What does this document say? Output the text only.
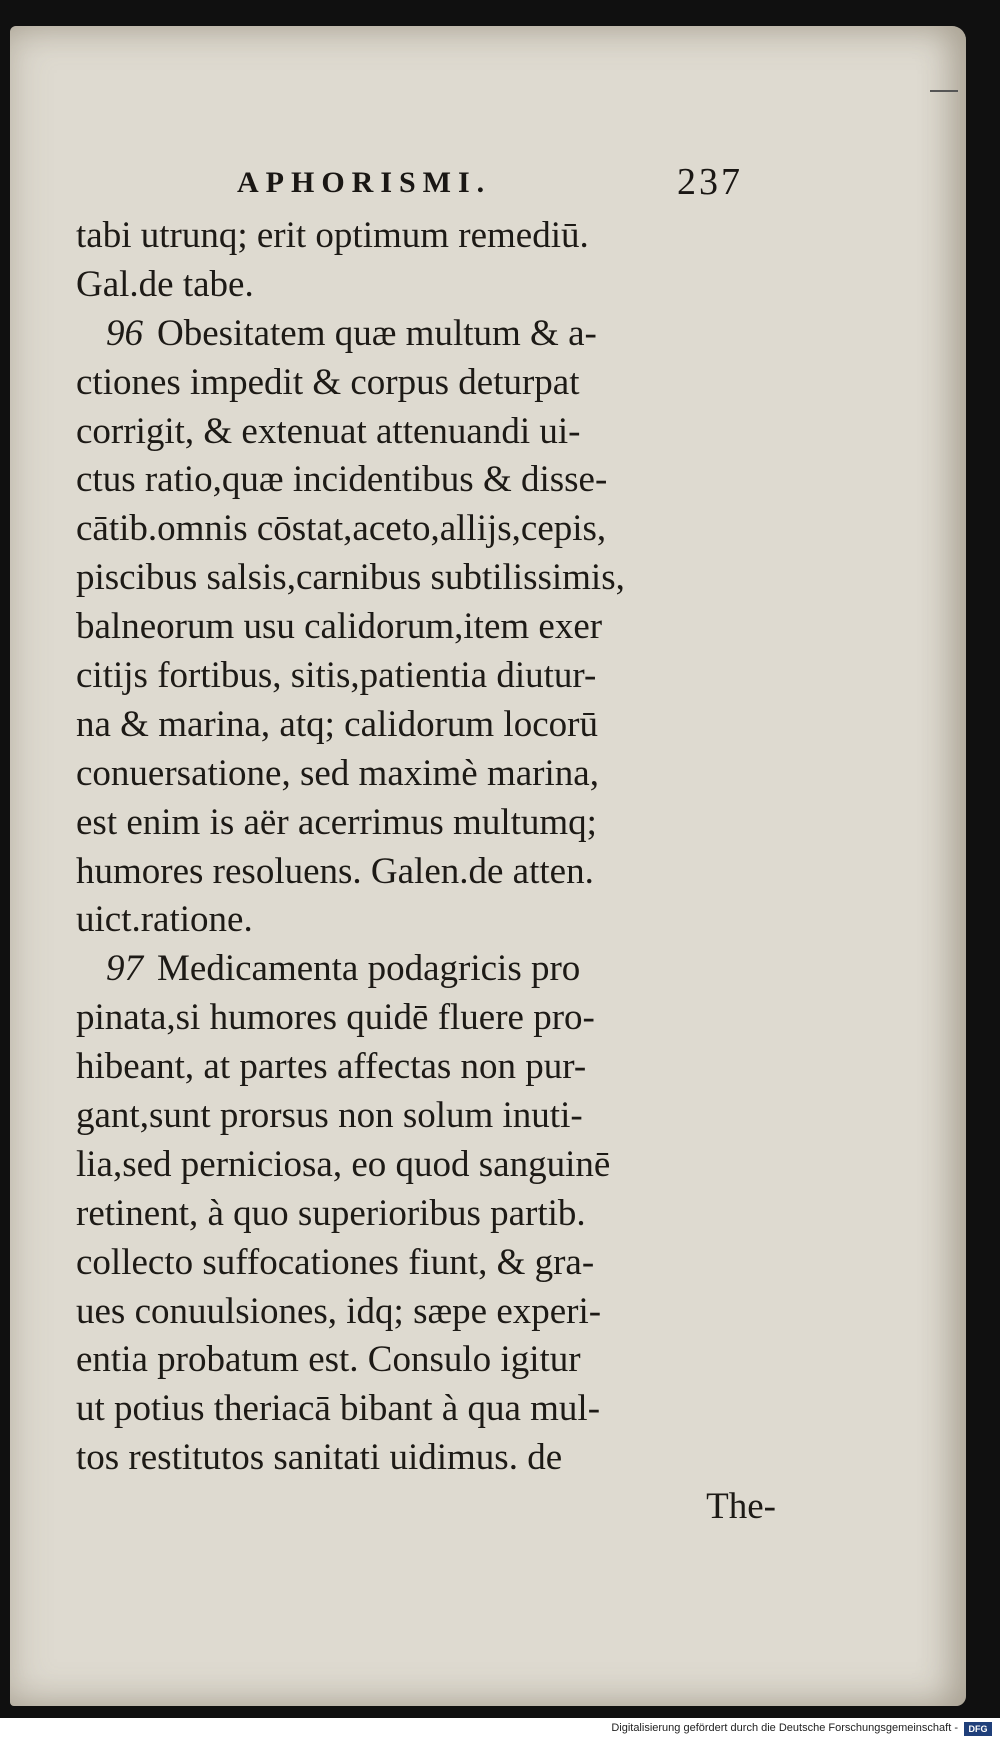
APHORISMI.	237
tabi utrunq; erit optimum remediū.
Gal.de tabe.
96 Obesitatem quæ multum & a-
ctiones impedit & corpus deturpat
corrigit, & extenuat attenuandi ui-
ctus ratio,quæ incidentibus & disse-
cātib.omnis cōstat,aceto,allijs,cepis,
piscibus salsis,carnibus subtilissimis,
balneorum usu calidorum,item exer
citijs fortibus, sitis,patientia diutur-
na & marina, atq; calidorum locorū
conuersatione, sed maximè marina,
est enim is aër acerrimus multumq;
humores resoluens. Galen.de atten.
uict.ratione.
97 Medicamenta podagricis pro
pinata,si humores quidē fluere pro-
hibeant, at partes affectas non pur-
gant,sunt prorsus non solum inuti-
lia,sed perniciosa, eo quod sanguinē
retinent, à quo superioribus partib.
collecto suffocationes fiunt, & gra-
ues conuulsiones, idq; sæpe experi-
entia probatum est. Consulo igitur
ut potius theriacā bibant à qua mul-
tos restitutos sanitati uidimus. de
The-
Digitalisierung gefördert durch die Deutsche Forschungsgemeinschaft -	DFG
